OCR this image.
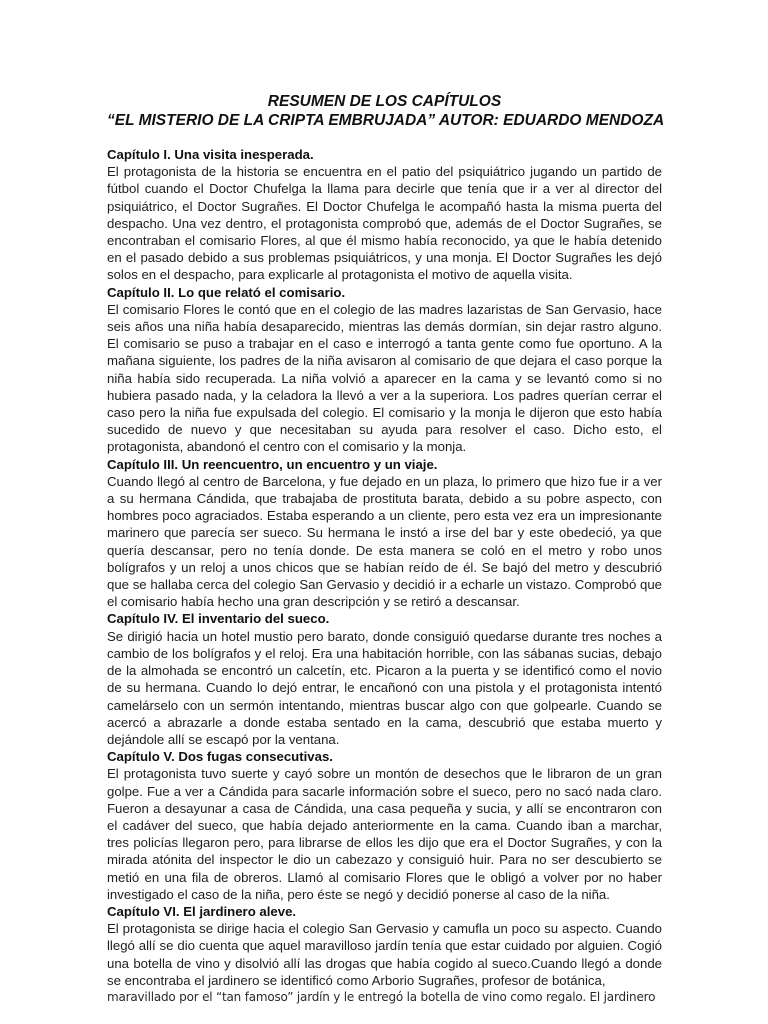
RESUMEN DE LOS CAPÍTULOS
“EL MISTERIO DE LA CRIPTA EMBRUJADA” AUTOR: EDUARDO MENDOZA

Capítulo I. Una visita inesperada.

El protagonista de la historia se encuentra en el patio del psiquiátrico jugando un partido de fútbol cuando el Doctor Chufelga la llama para decirle que tenía que ir a ver al director del psiquiátrico, el Doctor Sugrañes. El Doctor Chufelga le acompañó hasta la misma puerta del despacho. Una vez dentro, el protagonista comprobó que, además de el Doctor Sugrañes, se encontraban el comisario Flores, al que él mismo había reconocido, ya que le había detenido en el pasado debido a sus problemas psiquiátricos, y una monja. El Doctor Sugrañes les dejó solos en el despacho, para explicarle al protagonista el motivo de aquella visita.

Capítulo II. Lo que relató el comisario.

El comisario Flores le contó que en el colegio de las madres lazaristas de San Gervasio, hace seis años una niña había desaparecido, mientras las demás dormían, sin dejar rastro alguno. El comisario se puso a trabajar en el caso e interrogó a tanta gente como fue oportuno. A la mañana siguiente, los padres de la niña avisaron al comisario de que dejara el caso porque la niña había sido recuperada. La niña volvió a aparecer en la cama y se levantó como si no hubiera pasado nada, y la celadora la llevó a ver a la superiora. Los padres querían cerrar el caso pero la niña fue expulsada del colegio. El comisario y la monja le dijeron que esto había sucedido de nuevo y que necesitaban su ayuda para resolver el caso. Dicho esto, el protagonista, abandonó el centro con el comisario y la monja.

Capítulo III. Un reencuentro, un encuentro y un viaje.

Cuando llegó al centro de Barcelona, y fue dejado en un plaza, lo primero que hizo fue ir a ver a su hermana Cándida, que trabajaba de prostituta barata, debido a su pobre aspecto, con hombres poco agraciados. Estaba esperando a un cliente, pero esta vez era un impresionante marinero que parecía ser sueco. Su hermana le instó a irse del bar y este obedeció, ya que quería descansar, pero no tenía donde. De esta manera se coló en el metro y robo unos bolígrafos y un reloj a unos chicos que se habían reído de él. Se bajó del metro y descubrió que se hallaba cerca del colegio San Gervasio y decidió ir a echarle un vistazo. Comprobó que el comisario había hecho una gran descripción y se retiró a descansar.

Capítulo IV. El inventario del sueco.

Se dirigió hacia un hotel mustio pero barato, donde consiguió quedarse durante tres noches a cambio de los bolígrafos y el reloj. Era una habitación horrible, con las sábanas sucias, debajo de la almohada se encontró un calcetín, etc. Picaron a la puerta y se identificó como el novio de su hermana. Cuando lo dejó entrar, le encañonó con una pistola y el protagonista intentó camelárselo con un sermón intentando, mientras buscar algo con que golpearle. Cuando se acercó a abrazarle a donde estaba sentado en la cama, descubrió que estaba muerto y dejándole allí se escapó por la ventana.

Capítulo V. Dos fugas consecutivas.

El protagonista tuvo suerte y cayó sobre un montón de desechos que le libraron de un gran golpe. Fue a ver a Cándida para sacarle información sobre el sueco, pero no sacó nada claro. Fueron a desayunar a casa de Cándida, una casa pequeña y sucia, y allí se encontraron con el cadáver del sueco, que había dejado anteriormente en la cama. Cuando iban a marchar, tres policías llegaron pero, para librarse de ellos les dijo que era el Doctor Sugrañes, y con la mirada atónita del inspector le dio un cabezazo y consiguió huir. Para no ser descubierto se metió en una fila de obreros. Llamó al comisario Flores que le obligó a volver por no haber investigado el caso de la niña, pero éste se negó y decidió ponerse al caso de la niña.

Capítulo VI. El jardinero aleve.

El protagonista se dirige hacia el colegio San Gervasio y camufla un poco su aspecto. Cuando llegó allí se dio cuenta que aquel maravilloso jardín tenía que estar cuidado por alguien. Cogió una botella de vino y disolvió allí las drogas que había cogido al sueco.Cuando llegó a donde se encontraba el jardinero se identificó como Arborio Sugrañes, profesor de botánica,

maravillado por el “tan famoso” jardín y le entregó la botella de vino como regalo. El jardinero
